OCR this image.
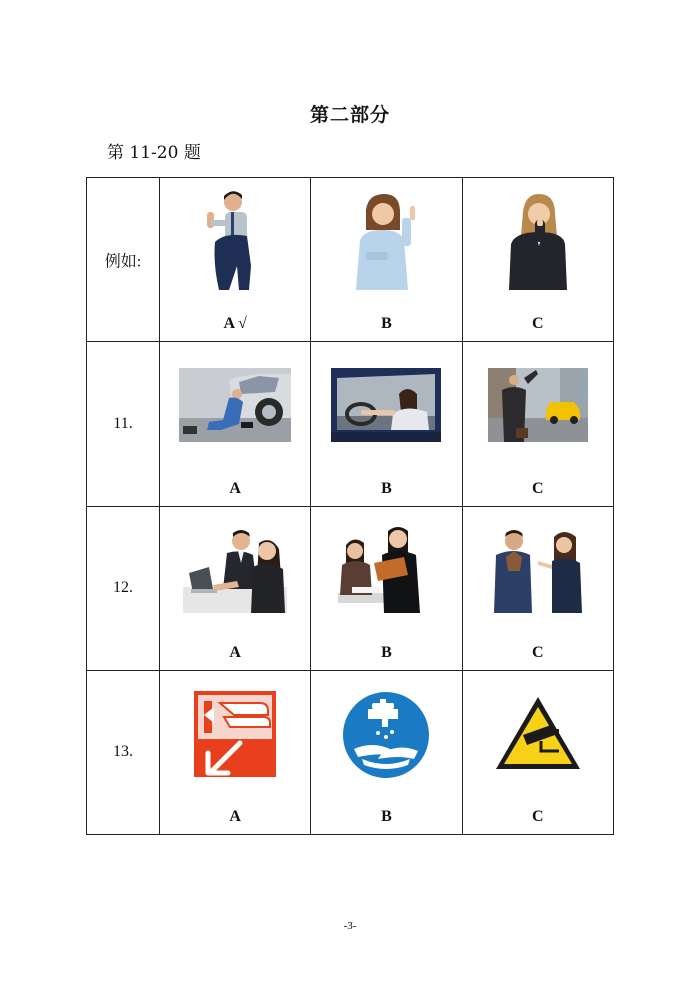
第二部分
第 11-20 题
例如:	A √	B	C

11.	A	B	C

12.	A	B	C

13.	A	B	C
-3-
